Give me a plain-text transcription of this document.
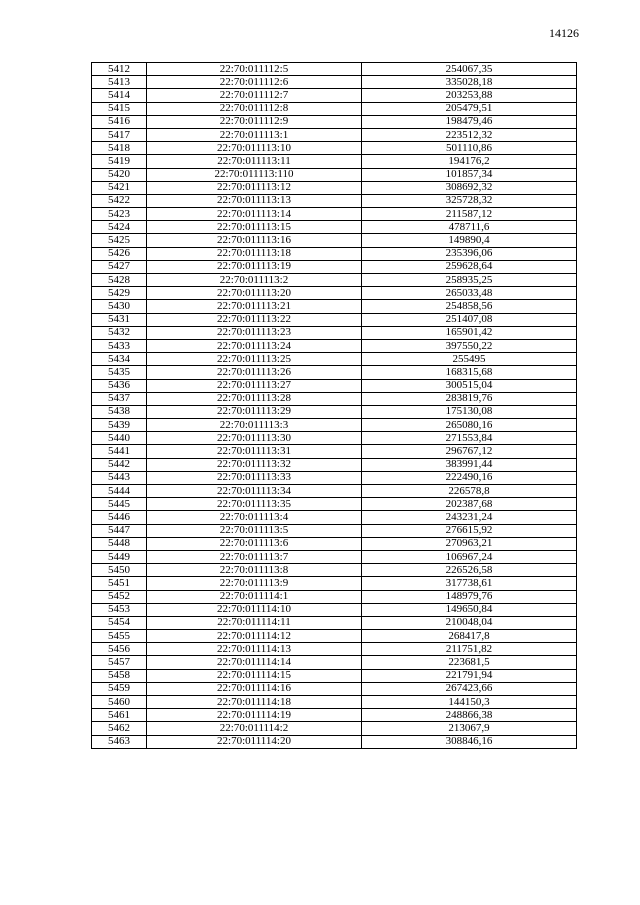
14126
5412	22:70:011112:5	254067,35
5413	22:70:011112:6	335028,18
5414	22:70:011112:7	203253,88
5415	22:70:011112:8	205479,51
5416	22:70:011112:9	198479,46
5417	22:70:011113:1	223512,32
5418	22:70:011113:10	501110,86
5419	22:70:011113:11	194176,2
5420	22:70:011113:110	101857,34
5421	22:70:011113:12	308692,32
5422	22:70:011113:13	325728,32
5423	22:70:011113:14	211587,12
5424	22:70:011113:15	478711,6
5425	22:70:011113:16	149890,4
5426	22:70:011113:18	235396,06
5427	22:70:011113:19	259628,64
5428	22:70:011113:2	258935,25
5429	22:70:011113:20	265033,48
5430	22:70:011113:21	254858,56
5431	22:70:011113:22	251407,08
5432	22:70:011113:23	165901,42
5433	22:70:011113:24	397550,22
5434	22:70:011113:25	255495
5435	22:70:011113:26	168315,68
5436	22:70:011113:27	300515,04
5437	22:70:011113:28	283819,76
5438	22:70:011113:29	175130,08
5439	22:70:011113:3	265080,16
5440	22:70:011113:30	271553,84
5441	22:70:011113:31	296767,12
5442	22:70:011113:32	383991,44
5443	22:70:011113:33	222490,16
5444	22:70:011113:34	226578,8
5445	22:70:011113:35	202387,68
5446	22:70:011113:4	243231,24
5447	22:70:011113:5	276615,92
5448	22:70:011113:6	270963,21
5449	22:70:011113:7	106967,24
5450	22:70:011113:8	226526,58
5451	22:70:011113:9	317738,61
5452	22:70:011114:1	148979,76
5453	22:70:011114:10	149650,84
5454	22:70:011114:11	210048,04
5455	22:70:011114:12	268417,8
5456	22:70:011114:13	211751,82
5457	22:70:011114:14	223681,5
5458	22:70:011114:15	221791,94
5459	22:70:011114:16	267423,66
5460	22:70:011114:18	144150,3
5461	22:70:011114:19	248866,38
5462	22:70:011114:2	213067,9
5463	22:70:011114:20	308846,16
